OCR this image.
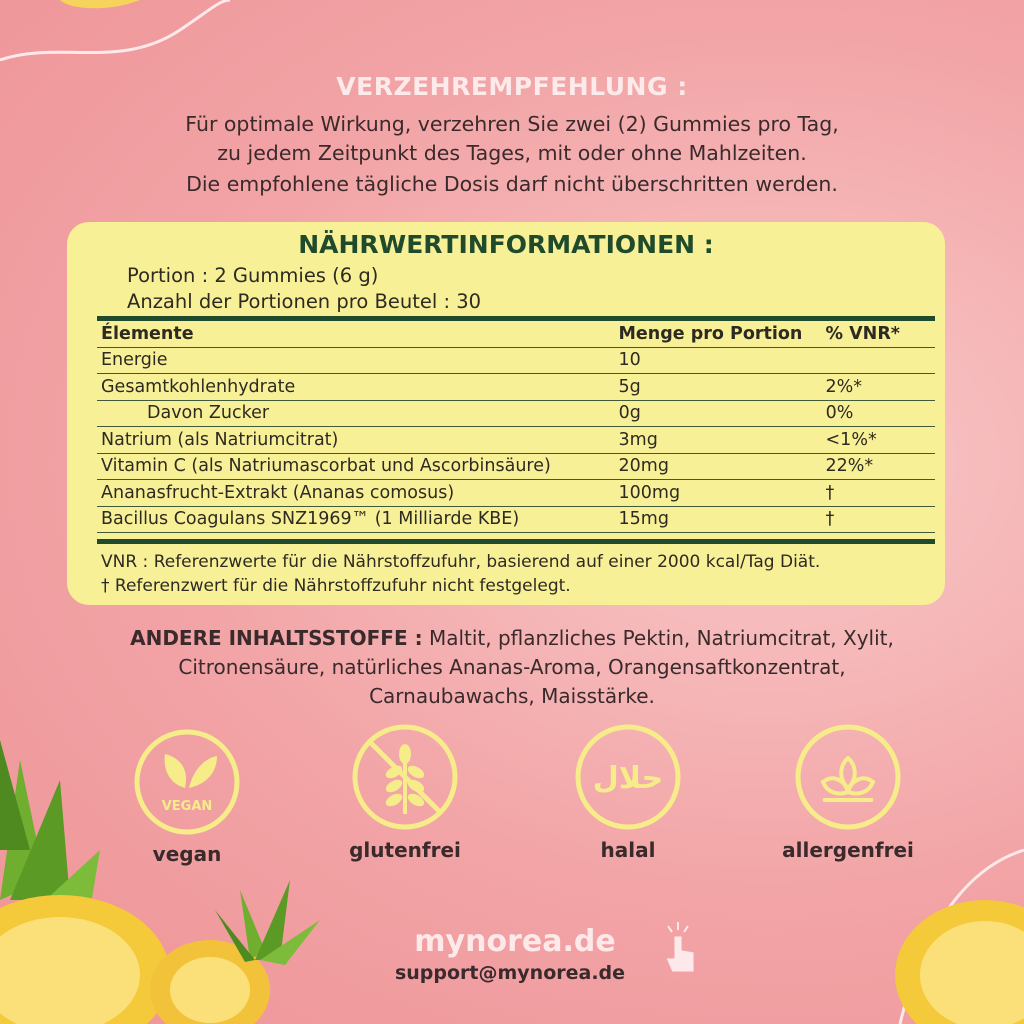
VERZEHREMPFEHLUNG :
Für optimale Wirkung, verzehren Sie zwei (2) Gummies pro Tag,
zu jedem Zeitpunkt des Tages, mit oder ohne Mahlzeiten.
Die empfohlene tägliche Dosis darf nicht überschritten werden.
NÄHRWERTINFORMATIONEN :
Portion : 2 Gummies (6 g)
Anzahl der Portionen pro Beutel : 30
Élemente	Menge pro Portion	% VNR*
Energie	10
Gesamtkohlenhydrate	5g	2%*
Davon Zucker	0g	0%
Natrium (als Natriumcitrat)	3mg	<1%*
Vitamin C (als Natriumascorbat und Ascorbinsäure)	20mg	22%*
Ananasfrucht-Extrakt (Ananas comosus)	100mg	†
Bacillus Coagulans SNZ1969™ (1 Milliarde KBE)	15mg	†
VNR : Referenzwerte für die Nährstoffzufuhr, basierend auf einer 2000 kcal/Tag Diät.
† Referenzwert für die Nährstoffzufuhr nicht festgelegt.
ANDERE INHALTSSTOFFE : Maltit, pflanzliches Pektin, Natriumcitrat, Xylit,
Citronensäure, natürliches Ananas-Aroma, Orangensaftkonzentrat,
Carnaubawachs, Maisstärke.
VEGAN
vegan	glutenfrei
حلال
halal	allergenfrei
mynorea.de
support@mynorea.de
